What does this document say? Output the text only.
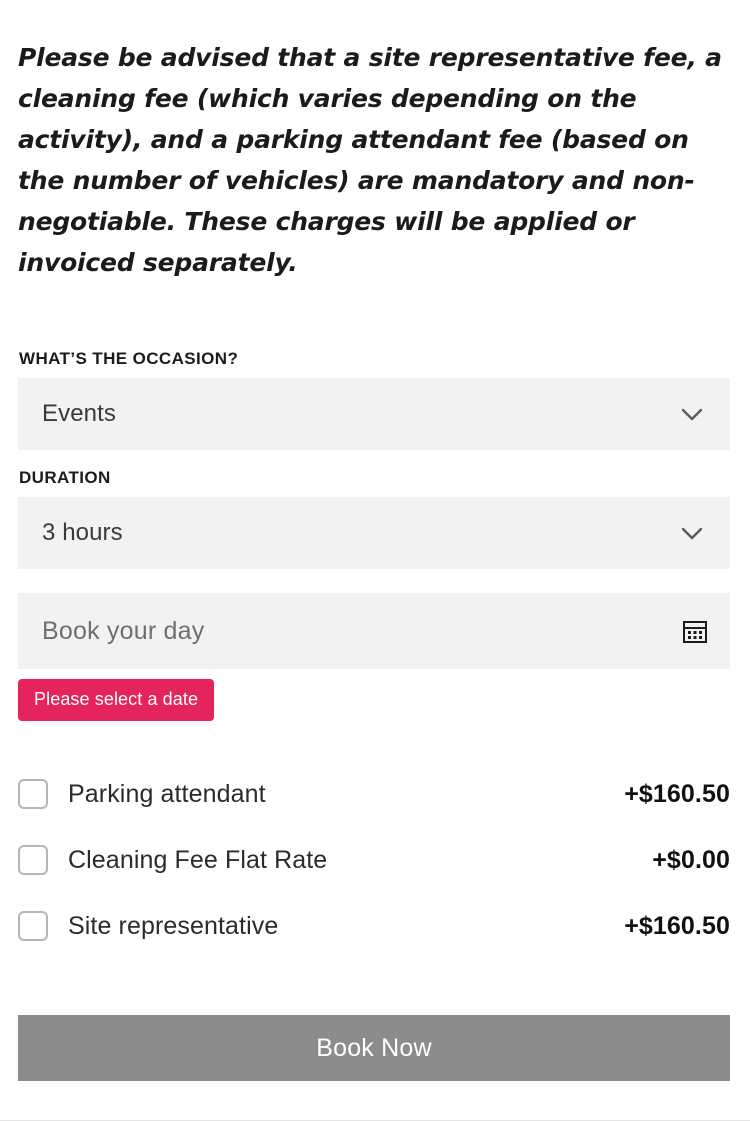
Please be advised that a site representative fee, a cleaning fee (which varies depending on the activity), and a parking attendant fee (based on the number of vehicles) are mandatory and non-negotiable. These charges will be applied or invoiced separately.

WHAT’S THE OCCASION?
Events
DURATION
3 hours
Book your day
Please select a date
Parking attendant	+$160.50
Cleaning Fee Flat Rate	+$0.00
Site representative	+$160.50
Book Now
